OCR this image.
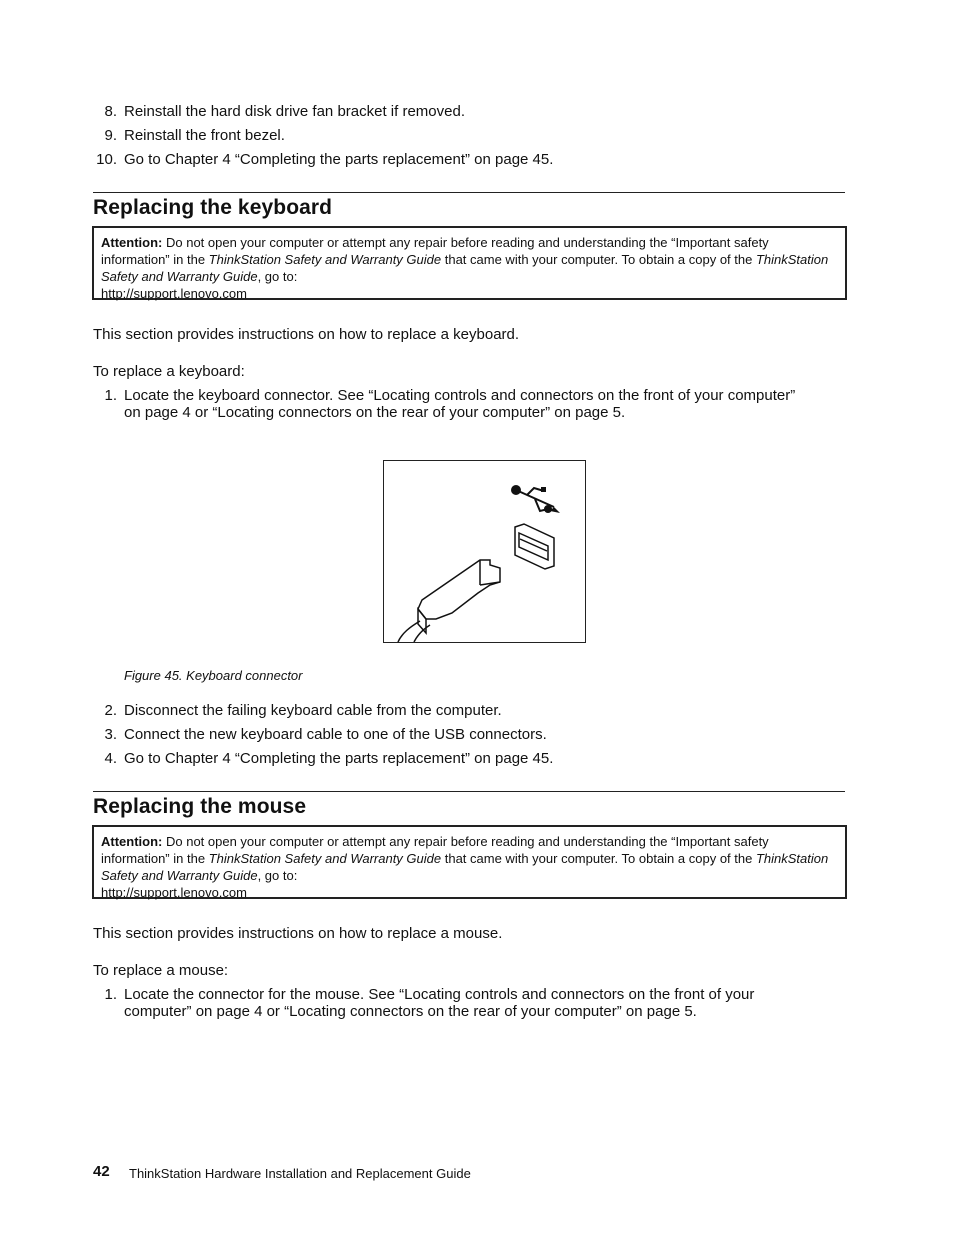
8. Reinstall the hard disk drive fan bracket if removed.
9. Reinstall the front bezel.
10. Go to Chapter 4 “Completing the parts replacement” on page 45.
Replacing the keyboard
Attention: Do not open your computer or attempt any repair before reading and understanding the “Important safety information” in the ThinkStation Safety and Warranty Guide that came with your computer. To obtain a copy of the ThinkStation Safety and Warranty Guide, go to:
http://support.lenovo.com
This section provides instructions on how to replace a keyboard.
To replace a keyboard:
1. Locate the keyboard connector. See “Locating controls and connectors on the front of your computer”
on page 4 or “Locating connectors on the rear of your computer” on page 5.
Figure 45. Keyboard connector
2. Disconnect the failing keyboard cable from the computer.
3. Connect the new keyboard cable to one of the USB connectors.
4. Go to Chapter 4 “Completing the parts replacement” on page 45.
Replacing the mouse
Attention: Do not open your computer or attempt any repair before reading and understanding the “Important safety information” in the ThinkStation Safety and Warranty Guide that came with your computer. To obtain a copy of the ThinkStation Safety and Warranty Guide, go to:
http://support.lenovo.com
This section provides instructions on how to replace a mouse.
To replace a mouse:
1. Locate the connector for the mouse. See “Locating controls and connectors on the front of your
computer” on page 4 or “Locating connectors on the rear of your computer” on page 5.
42 ThinkStation Hardware Installation and Replacement Guide
